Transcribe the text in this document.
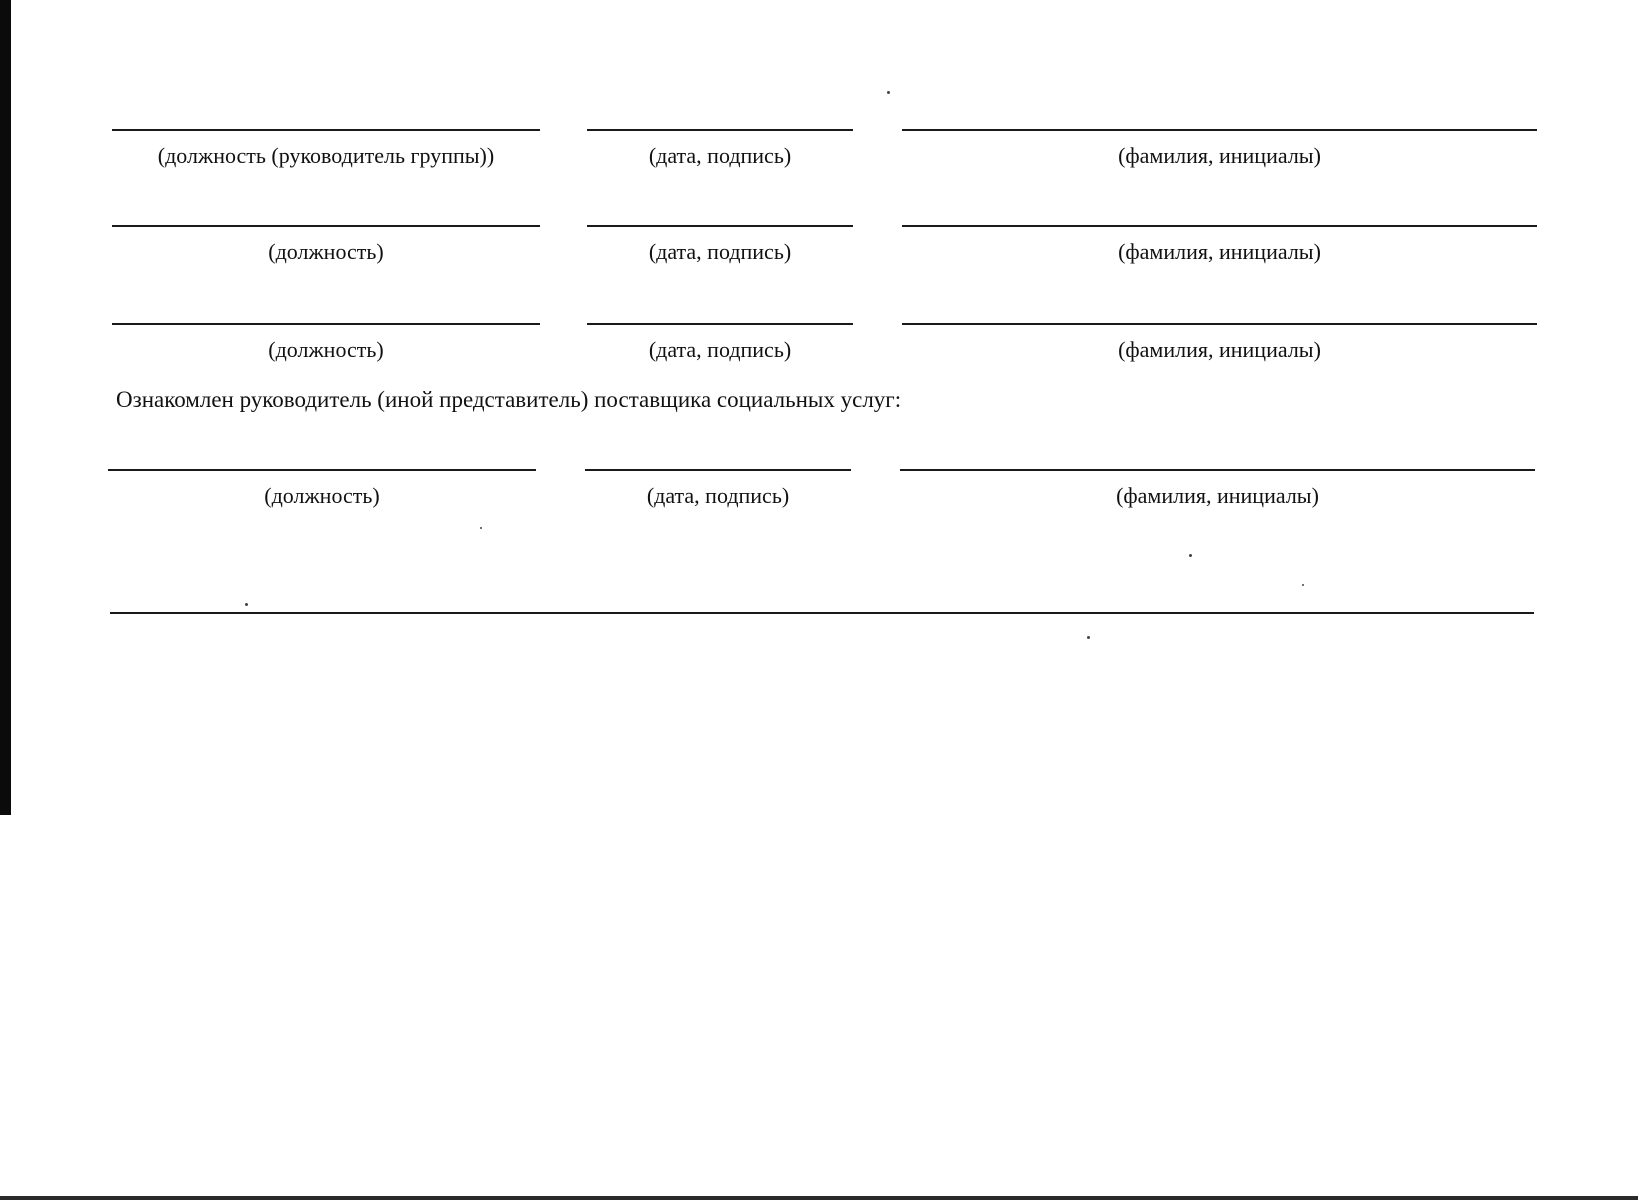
(должность (руководитель группы))	(дата, подпись)	(фамилия, инициалы)
(должность)	(дата, подпись)	(фамилия, инициалы)
(должность)	(дата, подпись)	(фамилия, инициалы)
Ознакомлен руководитель (иной представитель) поставщика социальных услуг:
(должность)	(дата, подпись)	(фамилия, инициалы)
